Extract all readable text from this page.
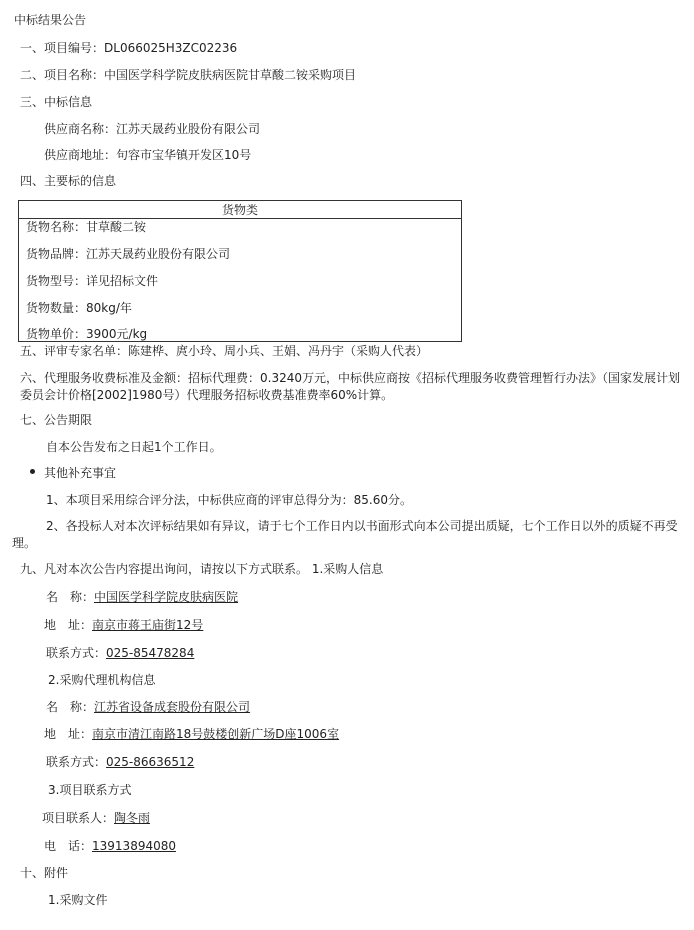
中标结果公告
一、项目编号：DL066025H3ZC02236
二、项目名称：中国医学科学院皮肤病医院甘草酸二铵采购项目
三、中标信息
供应商名称：江苏天晟药业股份有限公司
供应商地址：句容市宝华镇开发区10号
四、主要标的信息
货物类
货物名称：甘草酸二铵
货物品牌：江苏天晟药业股份有限公司
货物型号：详见招标文件
货物数量：80kg/年
货物单价：3900元/kg
五、评审专家名单：陈建桦、庹小玲、周小兵、王娟、冯丹宇（采购人代表）
六、代理服务收费标准及金额：招标代理费：0.3240万元，中标供应商按《招标代理服务收费管理暂行办法》（国家发展计划委员会计价格[2002]1980号）代理服务招标收费基准费率60%计算。
七、公告期限
自本公告发布之日起1个工作日。
其他补充事宜
1、本项目采用综合评分法，中标供应商的评审总得分为：85.60分。
2、各投标人对本次评标结果如有异议，请于七个工作日内以书面形式向本公司提出质疑，七个工作日以外的质疑不再受理。
九、凡对本次公告内容提出询问，请按以下方式联系。 1.采购人信息
名　称：中国医学科学院皮肤病医院
地　址：南京市蒋王庙街12号
联系方式：025-85478284
2.采购代理机构信息
名　称：江苏省设备成套股份有限公司
地　址：南京市清江南路18号鼓楼创新广场D座1006室
联系方式：025-86636512
3.项目联系方式
项目联系人：陶冬雨
电　话：13913894080
十、附件
1.采购文件
